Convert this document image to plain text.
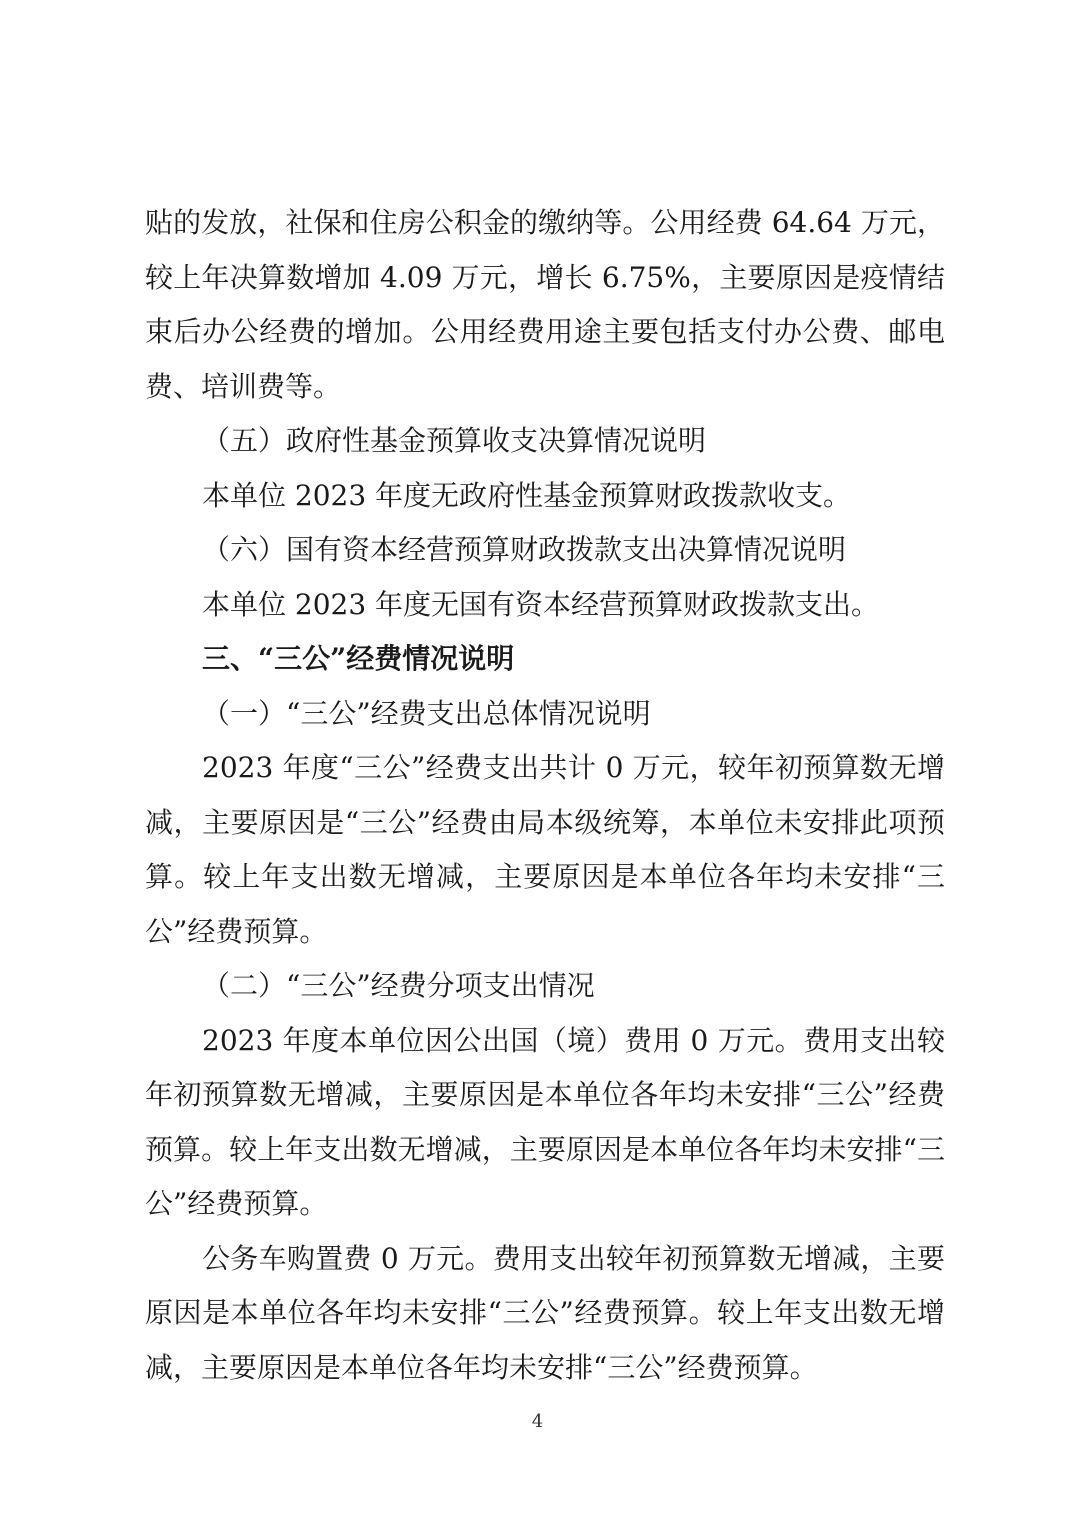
贴的发放，社保和住房公积金的缴纳等。公用经费 64.64 万元，较上年决算数增加 4.09 万元，增长 6.75%，主要原因是疫情结束后办公经费的增加。公用经费用途主要包括支付办公费、邮电费、培训费等。

（五）政府性基金预算收支决算情况说明

本单位 2023 年度无政府性基金预算财政拨款收支。

（六）国有资本经营预算财政拨款支出决算情况说明

本单位 2023 年度无国有资本经营预算财政拨款支出。

三、“三公”经费情况说明

（一）“三公”经费支出总体情况说明

2023 年度“三公”经费支出共计 0 万元，较年初预算数无增减，主要原因是“三公”经费由局本级统筹，本单位未安排此项预算。较上年支出数无增减，主要原因是本单位各年均未安排“三公”经费预算。

（二）“三公”经费分项支出情况

2023 年度本单位因公出国（境）费用 0 万元。费用支出较年初预算数无增减，主要原因是本单位各年均未安排“三公”经费预算。较上年支出数无增减，主要原因是本单位各年均未安排“三公”经费预算。

公务车购置费 0 万元。费用支出较年初预算数无增减，主要原因是本单位各年均未安排“三公”经费预算。较上年支出数无增减，主要原因是本单位各年均未安排“三公”经费预算。

4
